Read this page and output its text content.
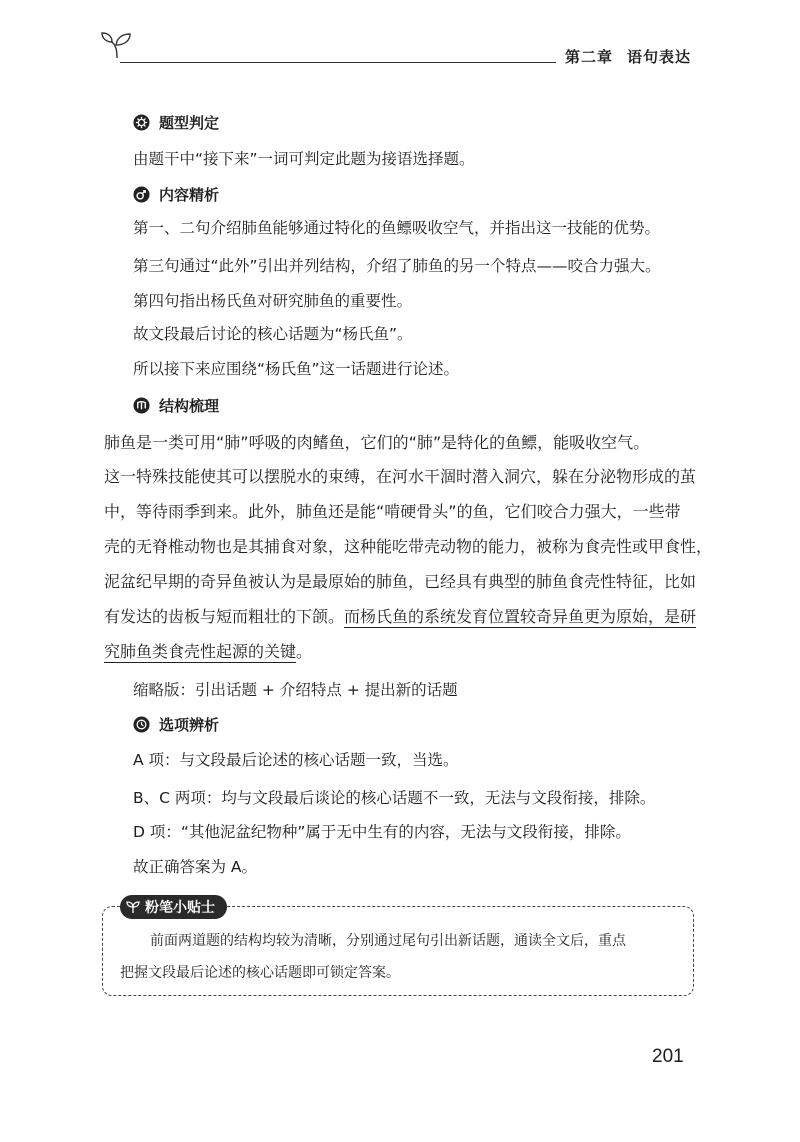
第二章 语句表达
题型判定
由题干中“接下来”一词可判定此题为接语选择题。
内容精析
第一、二句介绍肺鱼能够通过特化的鱼鳔吸收空气，并指出这一技能的优势。
第三句通过“此外”引出并列结构，介绍了肺鱼的另一个特点——咬合力强大。
第四句指出杨氏鱼对研究肺鱼的重要性。
故文段最后讨论的核心话题为“杨氏鱼”。
所以接下来应围绕“杨氏鱼”这一话题进行论述。
结构梳理
肺鱼是一类可用“肺”呼吸的肉鳍鱼，它们的“肺”是特化的鱼鳔，能吸收空气。
这一特殊技能使其可以摆脱水的束缚，在河水干涸时潜入洞穴，躲在分泌物形成的茧
中，等待雨季到来。此外，肺鱼还是能“啃硬骨头”的鱼，它们咬合力强大，一些带
壳的无脊椎动物也是其捕食对象，这种能吃带壳动物的能力，被称为食壳性或甲食性，
泥盆纪早期的奇异鱼被认为是最原始的肺鱼，已经具有典型的肺鱼食壳性特征，比如
有发达的齿板与短而粗壮的下颌。而杨氏鱼的系统发育位置较奇异鱼更为原始，是研
究肺鱼类食壳性起源的关键。
缩略版：引出话题 + 介绍特点 + 提出新的话题
选项辨析
A 项：与文段最后论述的核心话题一致，当选。
B、C 两项：均与文段最后谈论的核心话题不一致，无法与文段衔接，排除。
D 项：“其他泥盆纪物种”属于无中生有的内容，无法与文段衔接，排除。
故正确答案为 A。
粉笔小贴士
前面两道题的结构均较为清晰，分别通过尾句引出新话题，通读全文后，重点
把握文段最后论述的核心话题即可锁定答案。
201
